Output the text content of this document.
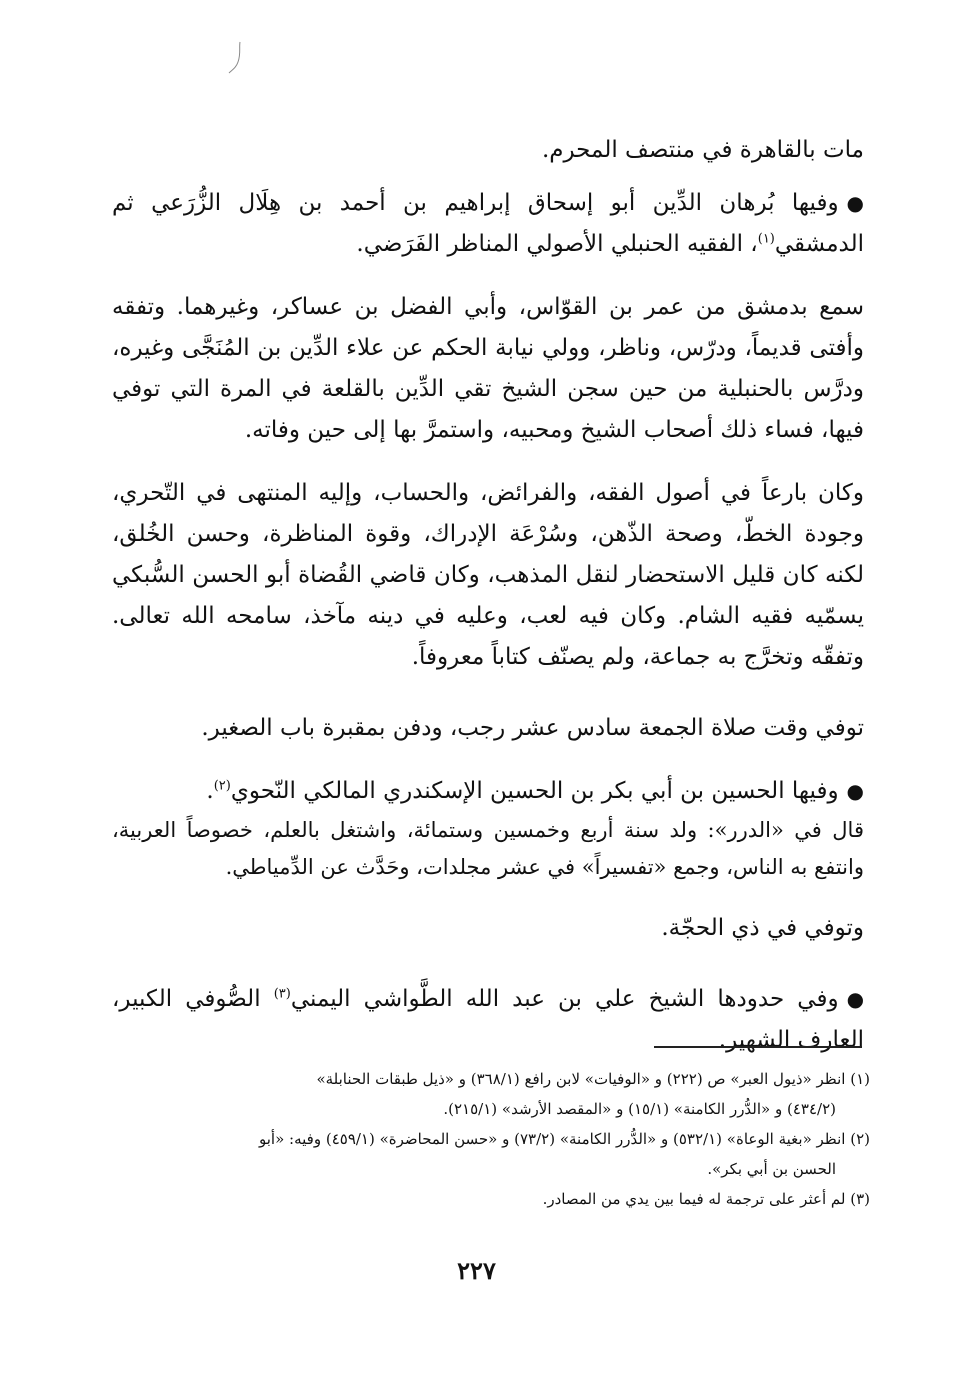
مات بالقاهرة في منتصف المحرم.

●وفيها بُرهان الدِّين أبو إسحاق إبراهيم بن أحمد بن هِلَال الزُّرَعي ثم الدمشقي$^{(١)}$، الفقيه الحنبلي الأصولي المناظر الفَرَضي.

سمع بدمشق من عمر بن القوّاس، وأبي الفضل بن عساكر، وغيرهما. وتفقه وأفتى قديماً، ودرّس، وناظر، وولي نيابة الحكم عن علاء الدِّين بن المُنَجَّى وغيره، ودرَّس بالحنبلية من حين سجن الشيخ تقي الدِّين بالقلعة في المرة التي توفي فيها، فساء ذلك أصحاب الشيخ ومحبيه، واستمرَّ بها إلى حين وفاته.

وكان بارعاً في أصول الفقه، والفرائض، والحساب، وإليه المنتهى في التّحري، وجودة الخطّ، وصحة الذّهن، وسُرْعَة الإدراك، وقوة المناظرة، وحسن الخُلق، لكنه كان قليل الاستحضار لنقل المذهب، وكان قاضي القُضاة أبو الحسن السُّبكي يسمّيه فقيه الشام. وكان فيه لعب، وعليه في دينه مآخذ، سامحه الله تعالى. وتفقّه وتخرَّج به جماعة، ولم يصنّف كتاباً معروفاً.

توفي وقت صلاة الجمعة سادس عشر رجب، ودفن بمقبرة باب الصغير.

●وفيها الحسين بن أبي بكر بن الحسين الإسكندري المالكي النّحوي$^{(٢)}$.

قال في «الدرر»: ولد سنة أربع وخمسين وستمائة، واشتغل بالعلم، خصوصاً العربية، وانتفع به الناس، وجمع «تفسيراً» في عشر مجلدات، وحَدَّث عن الدِّمياطي.

وتوفي في ذي الحجّة.

●وفي حدودها الشيخ علي بن عبد الله الطَّواشي اليمني$^{(٣)}$ الصُّوفي الكبير، العارف الشهير.

(١) انظر «ذيول العبر» ص (٢٢٢) و «الوفيات» لابن رافع (٣٦٨/١) و «ذيل طبقات الحنابلة»

(٤٣٤/٢) و «الدُّرر الكامنة» (١٥/١) و «المقصد الأرشد» (٢١٥/١).

(٢) انظر «بغية الوعاة» (٥٣٢/١) و «الدُّرر الكامنة» (٧٣/٢) و «حسن المحاضرة» (٤٥٩/١) وفيه: «أبو

الحسن بن أبي بكر».

(٣) لم أعثر على ترجمة له فيما بين يدي من المصادر.

٢٢٧
